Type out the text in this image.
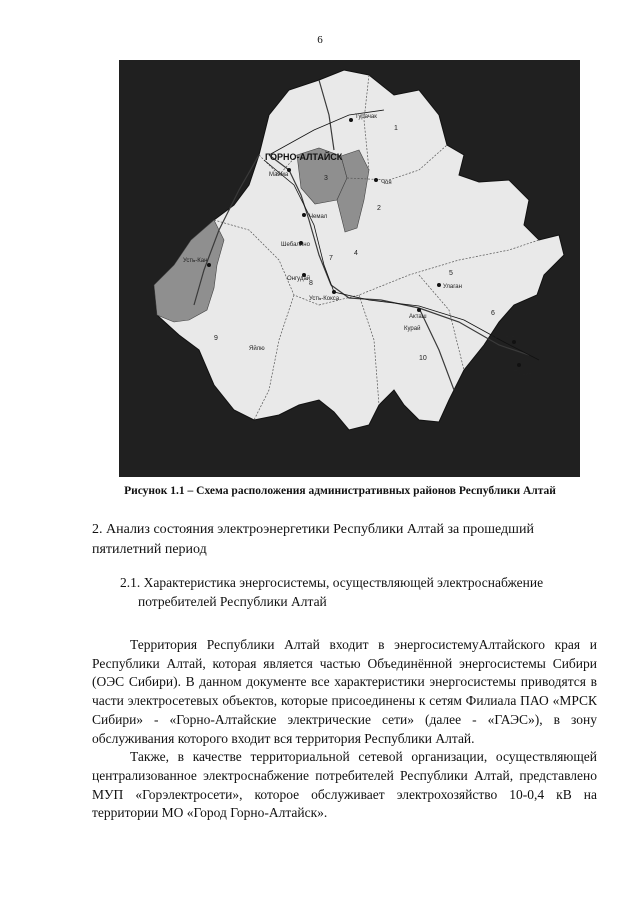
6
1
2
3
4
5
6
7
8
9
10
ГОРНО-АЛТАЙСК
Турачак
Чоя
Майма
Чемал
Шебалино
Усть-Кан
Онгудай
Усть-Кокса
Улаган
Акташ
Кош-Агач
Ташанта
Курай
Яйлю
Рисунок 1.1 – Схема расположения административных районов Республики Алтай
2. Анализ состояния электроэнергетики Республики Алтай за прошедший пятилетний период
2.1. Характеристика энергосистемы, осуществляющей электроснабжение
потребителей Республики Алтай

Территория Республики Алтай входит в энергосистемуАлтайского края и Республики Алтай, которая является частью Объединённой энергосистемы Сибири (ОЭС Сибири). В данном документе все характеристики энергосистемы приводятся в части электросетевых объектов, которые присоединены к сетям Филиала ПАО «МРСК Сибири» - «Горно-Алтайские электрические сети» (далее - «ГАЭС»), в зону обслуживания которого входит вся территория Республики Алтай.

Также, в качестве территориальной сетевой организации, осуществляющей централизованное электроснабжение потребителей Республики Алтай, представлено МУП «Горэлектросети», которое обслуживает электрохозяйство 10-0,4 кВ на территории МО «Город Горно-Алтайск».
